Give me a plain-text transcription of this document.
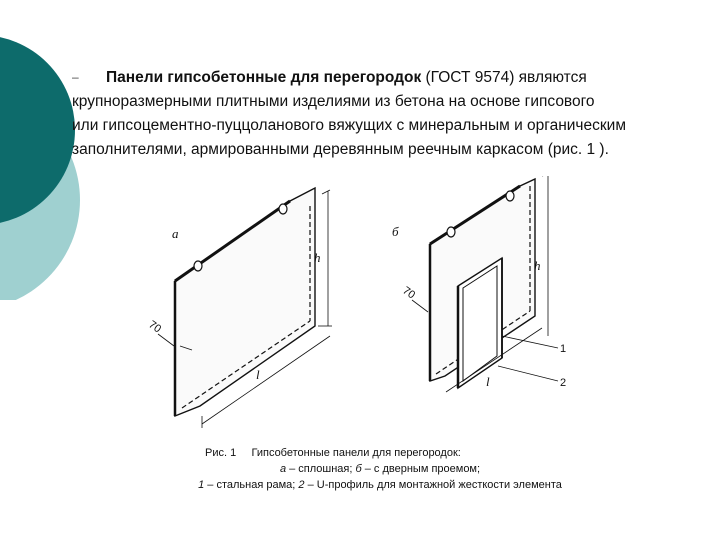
–	Панели гипсобетонные для перегородок (ГОСТ 9574) являются
крупноразмерными плитными изделиями из бетона на основе гипсового
или гипсоцементно-пуццоланового вяжущих с минеральным и органическим
заполнителями, армированными деревянным реечным каркасом (рис. 1 ).
а
h
l
70
б
h
l
70
1
2
Рис. 1 Гипсобетонные панели для перегородок:
а – сплошная; б – с дверным проемом;
1 – стальная рама; 2 – U-профиль для монтажной жесткости элемента
